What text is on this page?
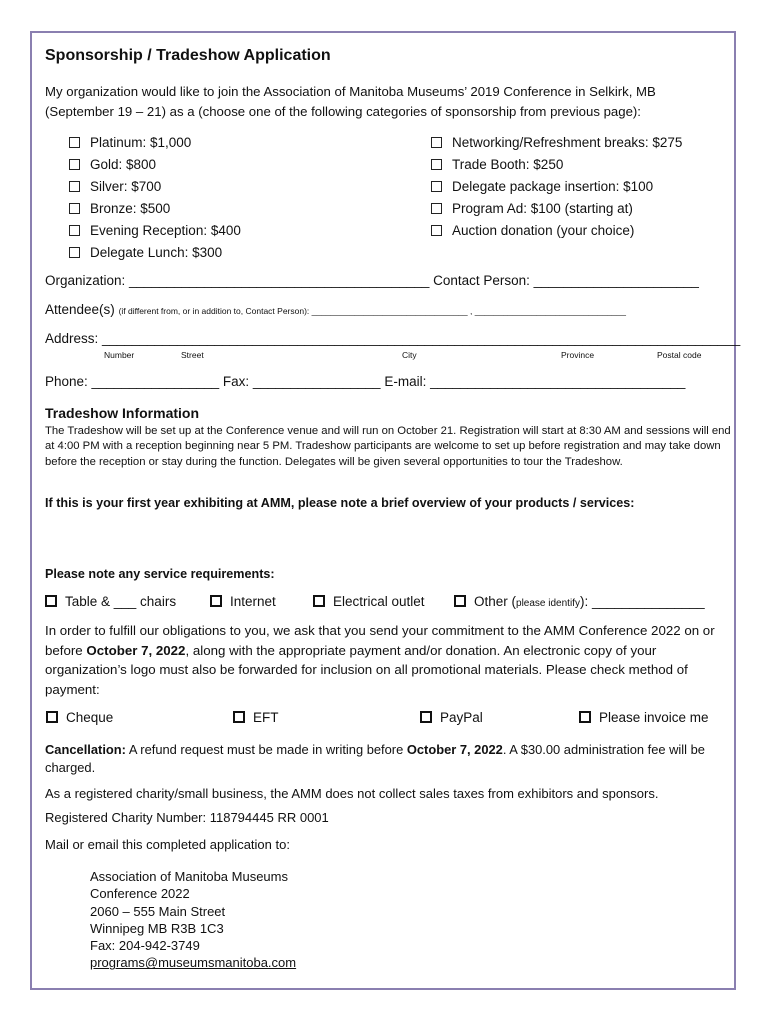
Sponsorship / Tradeshow Application
My organization would like to join the Association of Manitoba Museums’ 2019 Conference in Selkirk, MB (September 19 – 21) as a (choose one of the following categories of sponsorship from previous page):
Platinum: $1,000
Gold: $800
Silver: $700
Bronze: $500
Evening Reception: $400
Delegate Lunch: $300
Networking/Refreshment breaks: $275
Trade Booth: $250
Delegate package insertion: $100
Program Ad: $100 (starting at)
Auction donation (your choice)
Organization: ________________________________________ Contact Person: ______________________
Attendee(s) (if different from, or in addition to, Contact Person): _________________________________ , ________________________________
Address: _____________________________________________________________________________________
Number	Street	City	Province	Postal code
Phone: _________________ Fax: _________________ E-mail: __________________________________
Tradeshow Information
The Tradeshow will be set up at the Conference venue and will run on October 21. Registration will start at 8:30 AM and sessions will end at 4:00 PM with a reception beginning near 5 PM. Tradeshow participants are welcome to set up before registration and may take down before the reception or stay during the function. Delegates will be given several opportunities to tour the Tradeshow.
If this is your first year exhibiting at AMM, please note a brief overview of your products / services:
Please note any service requirements:
Table & ___ chairs	Internet	Electrical outlet	Other (please identify): _______________
In order to fulfill our obligations to you, we ask that you send your commitment to the AMM Conference 2022 on or before October 7, 2022, along with the appropriate payment and/or donation. An electronic copy of your organization’s logo must also be forwarded for inclusion on all promotional materials. Please check method of payment:
Cheque	EFT	PayPal	Please invoice me
Cancellation: A refund request must be made in writing before October 7, 2022. A $30.00 administration fee will be charged.
As a registered charity/small business, the AMM does not collect sales taxes from exhibitors and sponsors.
Registered Charity Number: 118794445 RR 0001
Mail or email this completed application to:
Association of Manitoba Museums
Conference 2022
2060 – 555 Main Street
Winnipeg MB R3B 1C3
Fax: 204-942-3749
programs@museumsmanitoba.com
